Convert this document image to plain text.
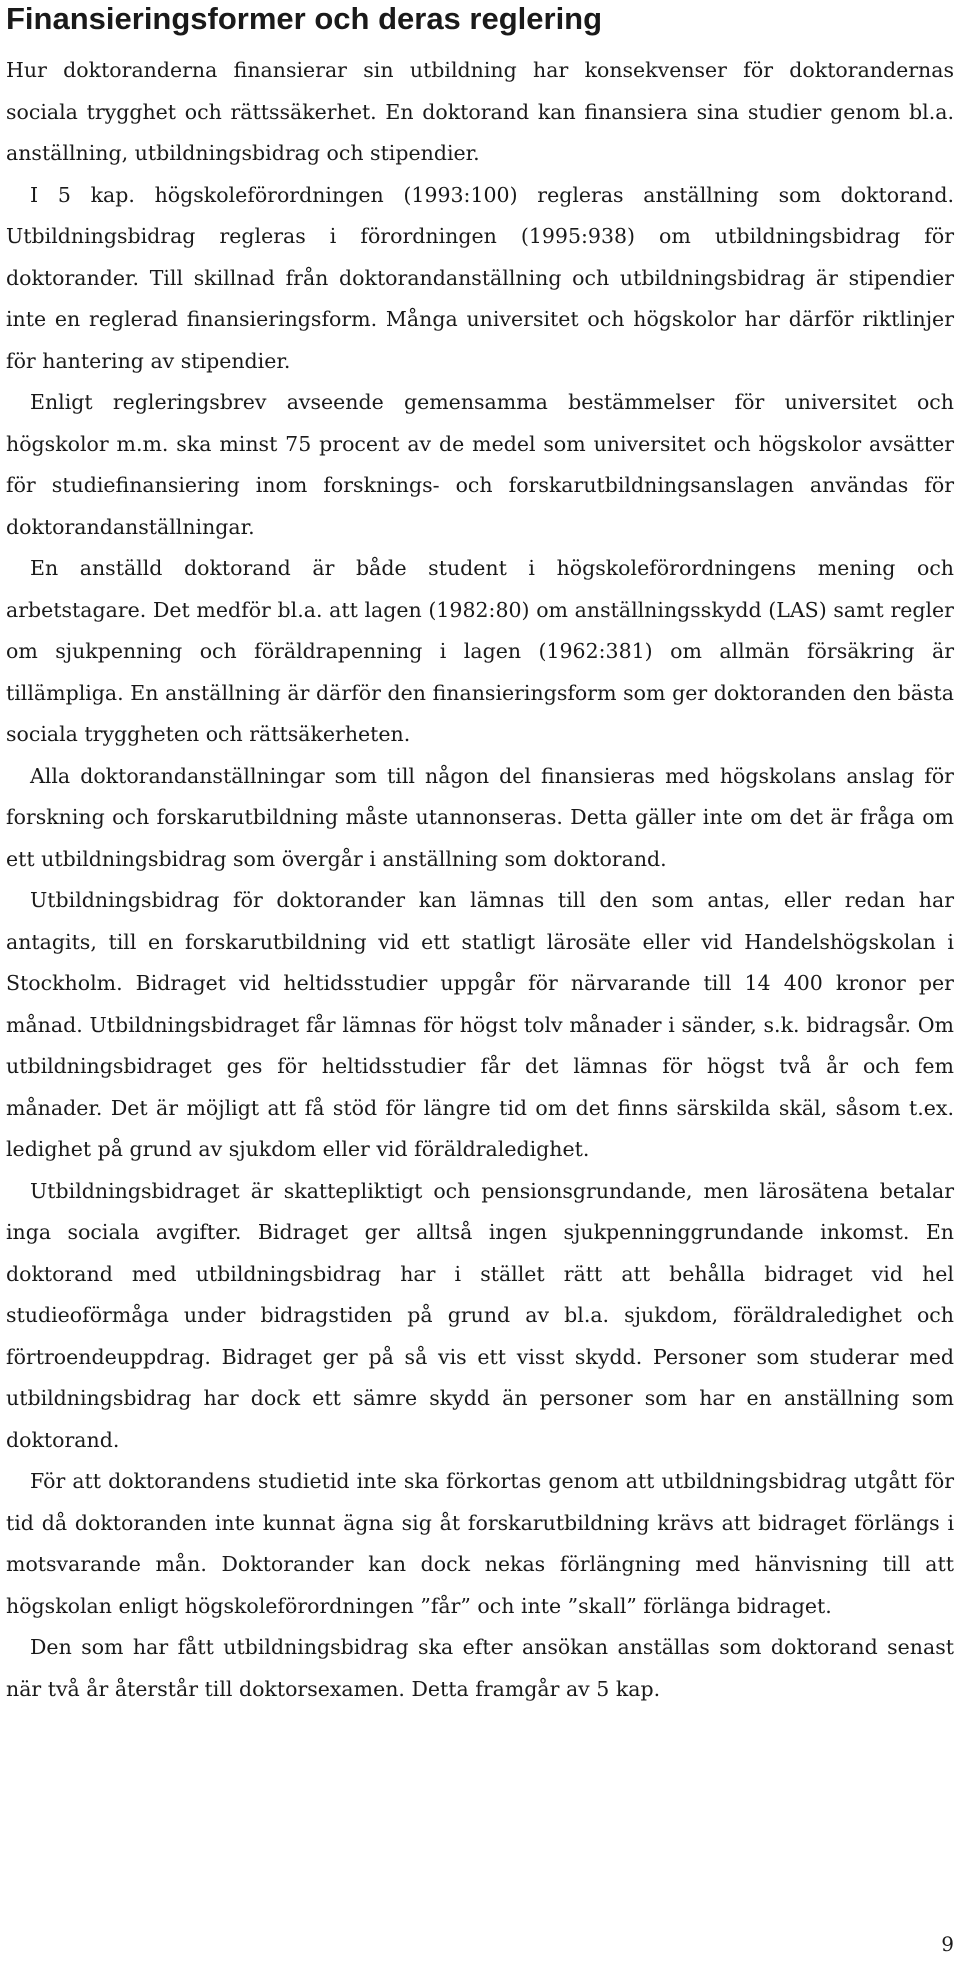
Finansieringsformer och deras reglering

Hur doktoranderna finansierar sin utbildning har konsekvenser för doktorandernas sociala trygghet och rättssäkerhet. En doktorand kan finansiera sina studier genom bl.a. anställning, utbildningsbidrag och stipendier.

I 5 kap. högskoleförordningen (1993:100) regleras anställning som doktorand. Utbildningsbidrag regleras i förordningen (1995:938) om utbildningsbidrag för doktorander. Till skillnad från doktorandanställning och utbildningsbidrag är stipendier inte en reglerad finansieringsform. Många universitet och högskolor har därför riktlinjer för hantering av stipendier.

Enligt regleringsbrev avseende gemensamma bestämmelser för universitet och högskolor m.m. ska minst 75 procent av de medel som universitet och högskolor avsätter för studiefinansiering inom forsknings- och forskarutbildningsanslagen användas för doktorandanställningar.

En anställd doktorand är både student i högskoleförordningens mening och arbetstagare. Det medför bl.a. att lagen (1982:80) om anställningsskydd (LAS) samt regler om sjukpenning och föräldrapenning i lagen (1962:381) om allmän försäkring är tillämpliga. En anställning är därför den finansieringsform som ger doktoranden den bästa sociala tryggheten och rättsäkerheten.

Alla doktorandanställningar som till någon del finansieras med högskolans anslag för forskning och forskarutbildning måste utannonseras. Detta gäller inte om det är fråga om ett utbildningsbidrag som övergår i anställning som doktorand.

Utbildningsbidrag för doktorander kan lämnas till den som antas, eller redan har antagits, till en forskarutbildning vid ett statligt lärosäte eller vid Handelshögskolan i Stockholm. Bidraget vid heltidsstudier uppgår för närvarande till 14 400 kronor per månad. Utbildningsbidraget får lämnas för högst tolv månader i sänder, s.k. bidragsår. Om utbildningsbidraget ges för heltidsstudier får det lämnas för högst två år och fem månader. Det är möjligt att få stöd för längre tid om det finns särskilda skäl, såsom t.ex. ledighet på grund av sjukdom eller vid föräldraledighet.

Utbildningsbidraget är skattepliktigt och pensionsgrundande, men lärosätena betalar inga sociala avgifter. Bidraget ger alltså ingen sjukpenninggrundande inkomst. En doktorand med utbildningsbidrag har i stället rätt att behålla bidraget vid hel studieoförmåga under bidragstiden på grund av bl.a. sjukdom, föräldraledighet och förtroendeuppdrag. Bidraget ger på så vis ett visst skydd. Personer som studerar med utbildningsbidrag har dock ett sämre skydd än personer som har en anställning som doktorand.

För att doktorandens studietid inte ska förkortas genom att utbildningsbidrag utgått för tid då doktoranden inte kunnat ägna sig åt forskarutbildning krävs att bidraget förlängs i motsvarande mån. Doktorander kan dock nekas förlängning med hänvisning till att högskolan enligt högskoleförordningen ”får” och inte ”skall” förlänga bidraget.

Den som har fått utbildningsbidrag ska efter ansökan anställas som doktorand senast när två år återstår till doktorsexamen. Detta framgår av 5 kap.

9
